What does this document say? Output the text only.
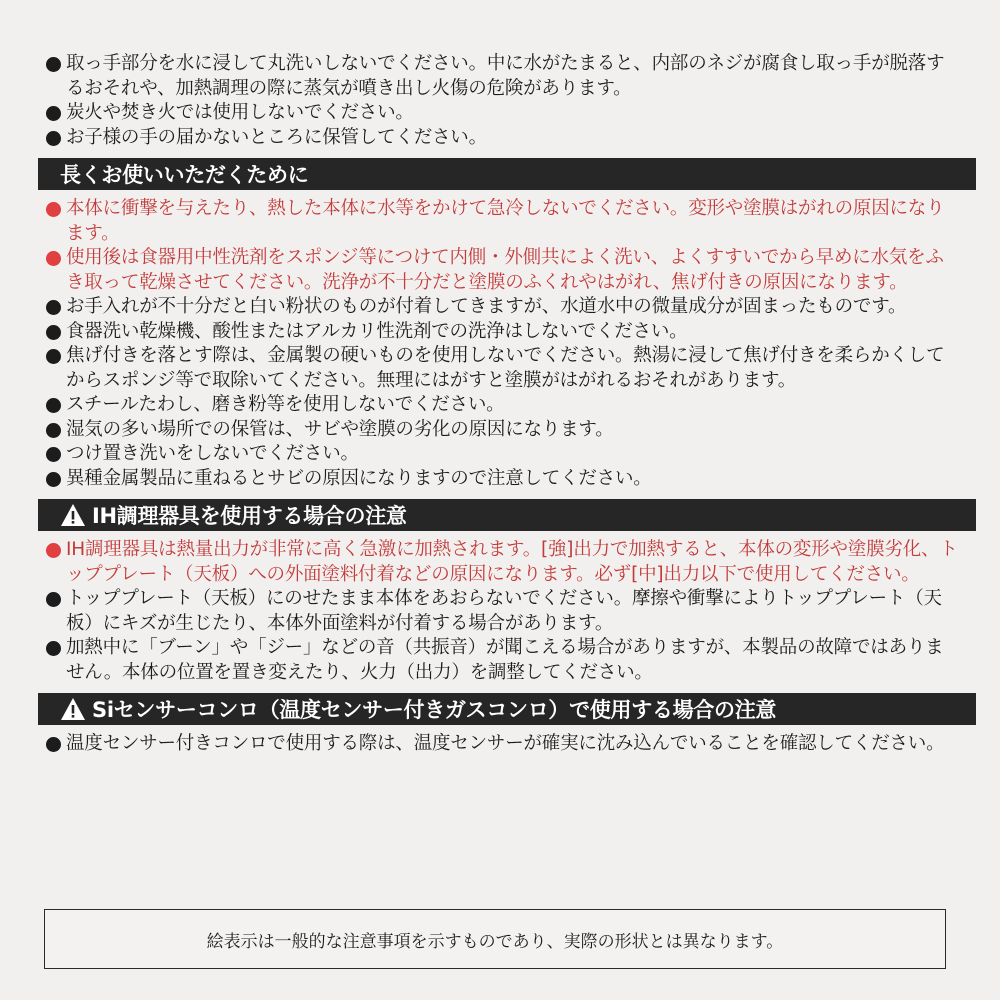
取っ手部分を水に浸して丸洗いしないでください。中に水がたまると、内部のネジが腐食し取っ手が脱落するおそれや、加熱調理の際に蒸気が噴き出し火傷の危険があります。
炭火や焚き火では使用しないでください。
お子様の手の届かないところに保管してください。
長くお使いいただくために
本体に衝撃を与えたり、熱した本体に水等をかけて急冷しないでください。変形や塗膜はがれの原因になります。
使用後は食器用中性洗剤をスポンジ等につけて内側・外側共によく洗い、よくすすいでから早めに水気をふき取って乾燥させてください。洗浄が不十分だと塗膜のふくれやはがれ、焦げ付きの原因になります。
お手入れが不十分だと白い粉状のものが付着してきますが、水道水中の微量成分が固まったものです。
食器洗い乾燥機、酸性またはアルカリ性洗剤での洗浄はしないでください。
焦げ付きを落とす際は、金属製の硬いものを使用しないでください。熱湯に浸して焦げ付きを柔らかくしてからスポンジ等で取除いてください。無理にはがすと塗膜がはがれるおそれがあります。
スチールたわし、磨き粉等を使用しないでください。
湿気の多い場所での保管は、サビや塗膜の劣化の原因になります。
つけ置き洗いをしないでください。
異種金属製品に重ねるとサビの原因になりますので注意してください。
IH調理器具を使用する場合の注意
IH調理器具は熱量出力が非常に高く急激に加熱されます。[強]出力で加熱すると、本体の変形や塗膜劣化、トッププレート（天板）への外面塗料付着などの原因になります。必ず[中]出力以下で使用してください。
トッププレート（天板）にのせたまま本体をあおらないでください。摩擦や衝撃によりトッププレート（天板）にキズが生じたり、本体外面塗料が付着する場合があります。
加熱中に「ブーン」や「ジー」などの音（共振音）が聞こえる場合がありますが、本製品の故障ではありません。本体の位置を置き変えたり、火力（出力）を調整してください。
Siセンサーコンロ（温度センサー付きガスコンロ）で使用する場合の注意
温度センサー付きコンロで使用する際は、温度センサーが確実に沈み込んでいることを確認してください。
絵表示は一般的な注意事項を示すものであり、実際の形状とは異なります。
